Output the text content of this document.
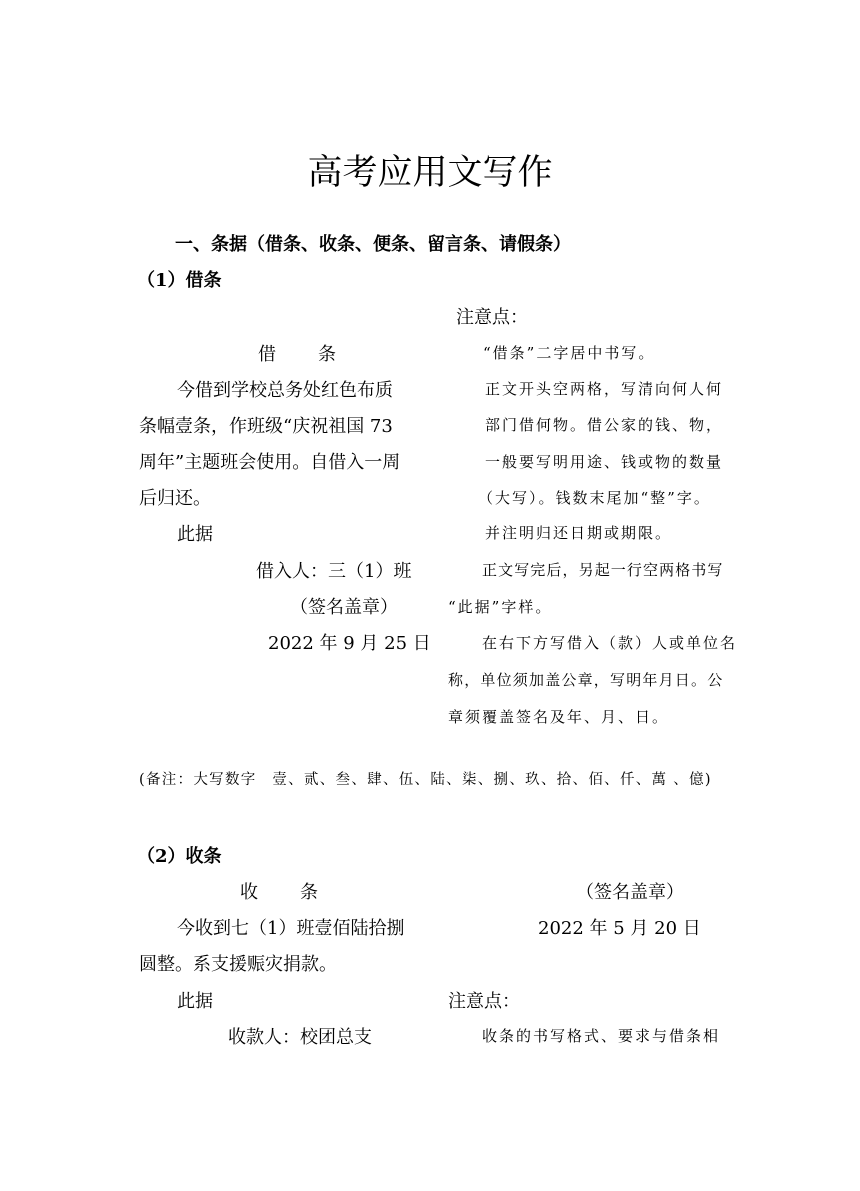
高考应用文写作
一、条据（借条、收条、便条、留言条、请假条）
（1）借条
借　　条
今借到学校总务处红色布质
条幅壹条，作班级“庆祝祖国 73
周年”主题班会使用。自借入一周
后归还。
此据
借入人：三（1）班
（签名盖章）
2022 年 9 月 25 日
注意点：
“借条”二字居中书写。
正文开头空两格，写清向何人何
部门借何物。借公家的钱、物，
一般要写明用途、钱或物的数量
（大写）。钱数末尾加“整”字。
并注明归还日期或期限。
正文写完后，另起一行空两格书写
“此据”字样。
在右下方写借入（款）人或单位名
称，单位须加盖公章，写明年月日。公
章须覆盖签名及年、月、日。
(备注：大写数字　壹、贰、叁、肆、伍、陆、柒、捌、玖、拾、佰、仟、萬 、億)
（2）收条
收　　条
今收到七（1）班壹佰陆拾捌
圆整。系支援赈灾捐款。
此据
收款人：校团总支
（签名盖章）
2022 年 5 月 20 日
注意点：
收条的书写格式、要求与借条相
